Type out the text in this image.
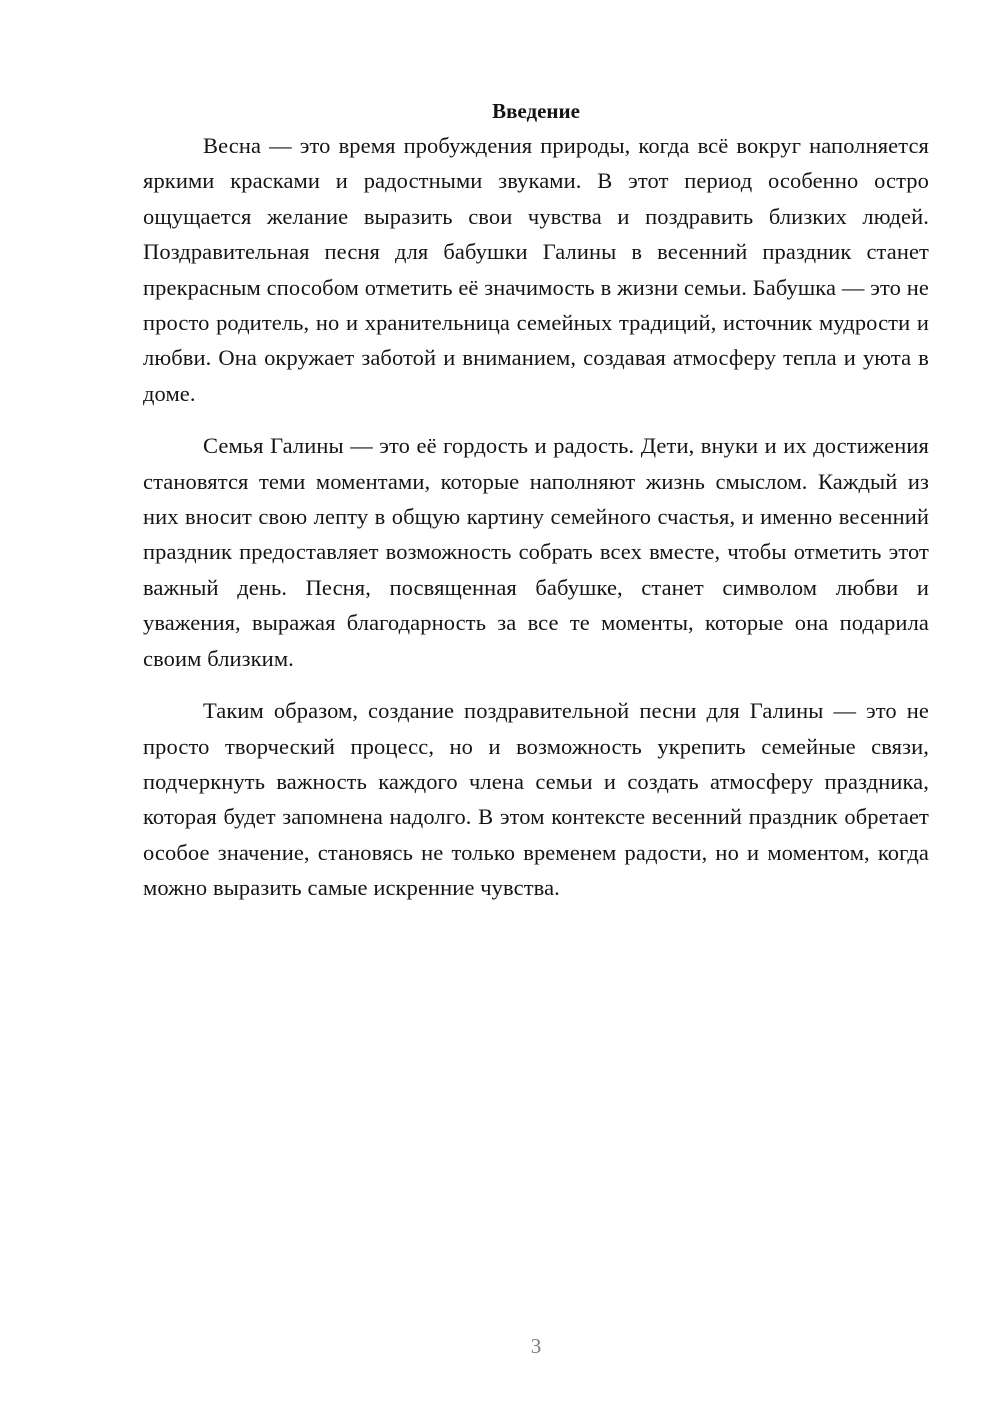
Введение

Весна — это время пробуждения природы, когда всё вокруг наполняется яркими красками и радостными звуками. В этот период особенно остро ощущается желание выразить свои чувства и поздравить близких людей. Поздравительная песня для бабушки Галины в весенний праздник станет прекрасным способом отметить её значимость в жизни семьи. Бабушка — это не просто родитель, но и хранительница семейных традиций, источник мудрости и любви. Она окружает заботой и вниманием, создавая атмосферу тепла и уюта в доме.

Семья Галины — это её гордость и радость. Дети, внуки и их достижения становятся теми моментами, которые наполняют жизнь смыслом. Каждый из них вносит свою лепту в общую картину семейного счастья, и именно весенний праздник предоставляет возможность собрать всех вместе, чтобы отметить этот важный день. Песня, посвященная бабушке, станет символом любви и уважения, выражая благодарность за все те моменты, которые она подарила своим близким.

Таким образом, создание поздравительной песни для Галины — это не просто творческий процесс, но и возможность укрепить семейные связи, подчеркнуть важность каждого члена семьи и создать атмосферу праздника, которая будет запомнена надолго. В этом контексте весенний праздник обретает особое значение, становясь не только временем радости, но и моментом, когда можно выразить самые искренние чувства.

3
